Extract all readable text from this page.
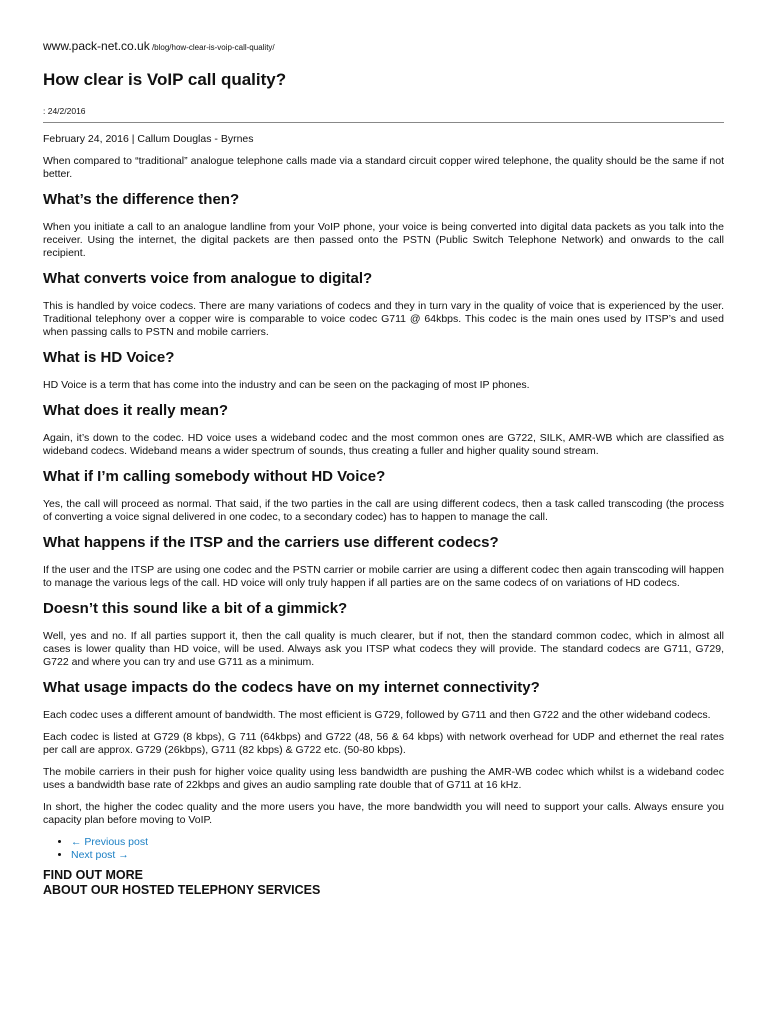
www.pack-net.co.uk /blog/how-clear-is-voip-call-quality/
How clear is VoIP call quality?
: 24/2/2016
February 24, 2016 | Callum Douglas - Byrnes

When compared to “traditional” analogue telephone calls made via a standard circuit copper wired telephone, the quality should be the same if not better.

What’s the difference then?

When you initiate a call to an analogue landline from your VoIP phone, your voice is being converted into digital data packets as you talk into the receiver. Using the internet, the digital packets are then passed onto the PSTN (Public Switch Telephone Network) and onwards to the call recipient.

What converts voice from analogue to digital?

This is handled by voice codecs. There are many variations of codecs and they in turn vary in the quality of voice that is experienced by the user. Traditional telephony over a copper wire is comparable to voice codec G711 @ 64kbps. This codec is the main ones used by ITSP’s and used when passing calls to PSTN and mobile carriers.

What is HD Voice?

HD Voice is a term that has come into the industry and can be seen on the packaging of most IP phones.

What does it really mean?

Again, it’s down to the codec. HD voice uses a wideband codec and the most common ones are G722, SILK, AMR-WB which are classified as wideband codecs. Wideband means a wider spectrum of sounds, thus creating a fuller and higher quality sound stream.

What if I’m calling somebody without HD Voice?

Yes, the call will proceed as normal. That said, if the two parties in the call are using different codecs, then a task called transcoding (the process of converting a voice signal delivered in one codec, to a secondary codec) has to happen to manage the call.

What happens if the ITSP and the carriers use different codecs?

If the user and the ITSP are using one codec and the PSTN carrier or mobile carrier are using a different codec then again transcoding will happen to manage the various legs of the call. HD voice will only truly happen if all parties are on the same codecs of on variations of HD codecs.

Doesn’t this sound like a bit of a gimmick?

Well, yes and no. If all parties support it, then the call quality is much clearer, but if not, then the standard common codec, which in almost all cases is lower quality than HD voice, will be used. Always ask you ITSP what codecs they will provide. The standard codecs are G711, G729, G722 and where you can try and use G711 as a minimum.

What usage impacts do the codecs have on my internet connectivity?

Each codec uses a different amount of bandwidth. The most efficient is G729, followed by G711 and then G722 and the other wideband codecs.

Each codec is listed at G729 (8 kbps), G 711 (64kbps) and G722 (48, 56 & 64 kbps) with network overhead for UDP and ethernet the real rates per call are approx. G729 (26kbps), G711 (82 kbps) & G722 etc. (50-80 kbps).

The mobile carriers in their push for higher voice quality using less bandwidth are pushing the AMR-WB codec which whilst is a wideband codec uses a bandwidth base rate of 22kbps and gives an audio sampling rate double that of G711 at 16 kHz.

In short, the higher the codec quality and the more users you have, the more bandwidth you will need to support your calls. Always ensure you capacity plan before moving to VoIP.

• ← Previous post
• Next post →
FIND OUT MORE
ABOUT OUR HOSTED TELEPHONY SERVICES
